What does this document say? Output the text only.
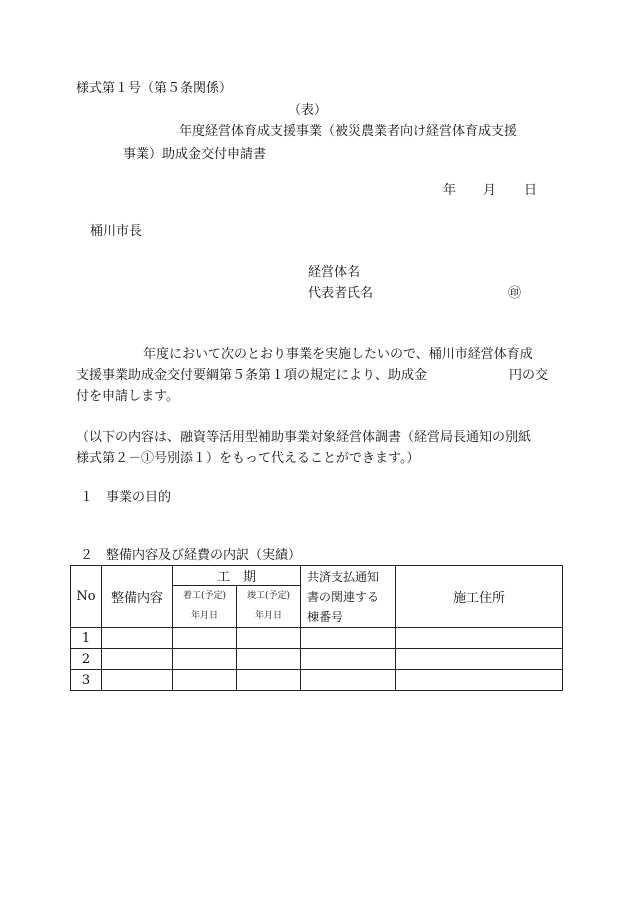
様式第１号（第５条関係）
（表）
年度経営体育成支援事業（被災農業者向け経営体育成支援
事業）助成金交付申請書
年 月 日
桶川市長
経営体名
代表者氏名	㊞
年度において次のとおり事業を実施したいので、桶川市経営体育成
支援事業助成金交付要綱第５条第１項の規定により、助成金	円の交
付を申請します。
（以下の内容は、融資等活用型補助事業対象経営体調書（経営局長通知の別紙
様式第２－①号別添１）をもって代えることができます。）
１　事業の目的
２　整備内容及び経費の内訳（実績）
No	整備内容	工　期		共済支払通知
書の関連する
棟番号	施工住所
		着工(予定)	竣工(予定)		
		年月日	年月日		
1					
2					
3					
